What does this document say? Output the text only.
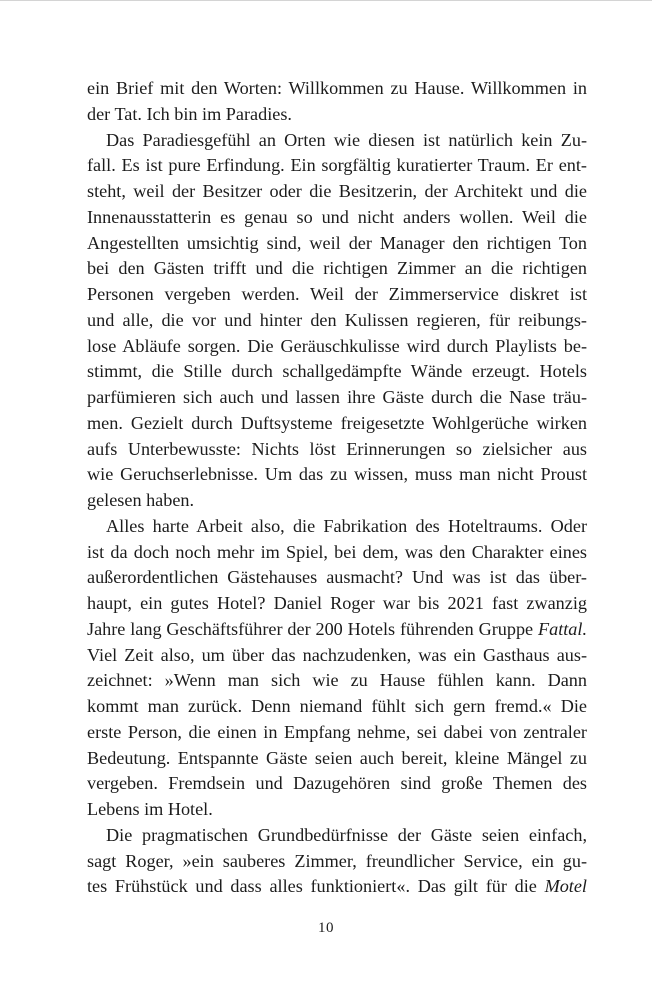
ein Brief mit den Worten: Willkommen zu Hause. Willkommen in
der Tat. Ich bin im Paradies.
Das Paradiesgefühl an Orten wie diesen ist natürlich kein Zu-
fall. Es ist pure Erfindung. Ein sorgfältig kuratierter Traum. Er ent-
steht, weil der Besitzer oder die Besitzerin, der Architekt und die
Innenausstatterin es genau so und nicht anders wollen. Weil die
Angestellten umsichtig sind, weil der Manager den richtigen Ton
bei den Gästen trifft und die richtigen Zimmer an die richtigen
Personen vergeben werden. Weil der Zimmerservice diskret ist
und alle, die vor und hinter den Kulissen regieren, für reibungs-
lose Abläufe sorgen. Die Geräuschkulisse wird durch Playlists be-
stimmt, die Stille durch schallgedämpfte Wände erzeugt. Hotels
parfümieren sich auch und lassen ihre Gäste durch die Nase träu-
men. Gezielt durch Duftsysteme freigesetzte Wohlgerüche wirken
aufs Unterbewusste: Nichts löst Erinnerungen so zielsicher aus
wie Geruchserlebnisse. Um das zu wissen, muss man nicht Proust
gelesen haben.
Alles harte Arbeit also, die Fabrikation des Hoteltraums. Oder
ist da doch noch mehr im Spiel, bei dem, was den Charakter eines
außerordentlichen Gästehauses ausmacht? Und was ist das über-
haupt, ein gutes Hotel? Daniel Roger war bis 2021 fast zwanzig
Jahre lang Geschäftsführer der 200 Hotels führenden Gruppe Fattal.
Viel Zeit also, um über das nachzudenken, was ein Gasthaus aus-
zeichnet: »Wenn man sich wie zu Hause fühlen kann. Dann
kommt man zurück. Denn niemand fühlt sich gern fremd.« Die
erste Person, die einen in Empfang nehme, sei dabei von zentraler
Bedeutung. Entspannte Gäste seien auch bereit, kleine Mängel zu
vergeben. Fremdsein und Dazugehören sind große Themen des
Lebens im Hotel.
Die pragmatischen Grundbedürfnisse der Gäste seien einfach,
sagt Roger, »ein sauberes Zimmer, freundlicher Service, ein gu-
tes Frühstück und dass alles funktioniert«. Das gilt für die Motel
10
